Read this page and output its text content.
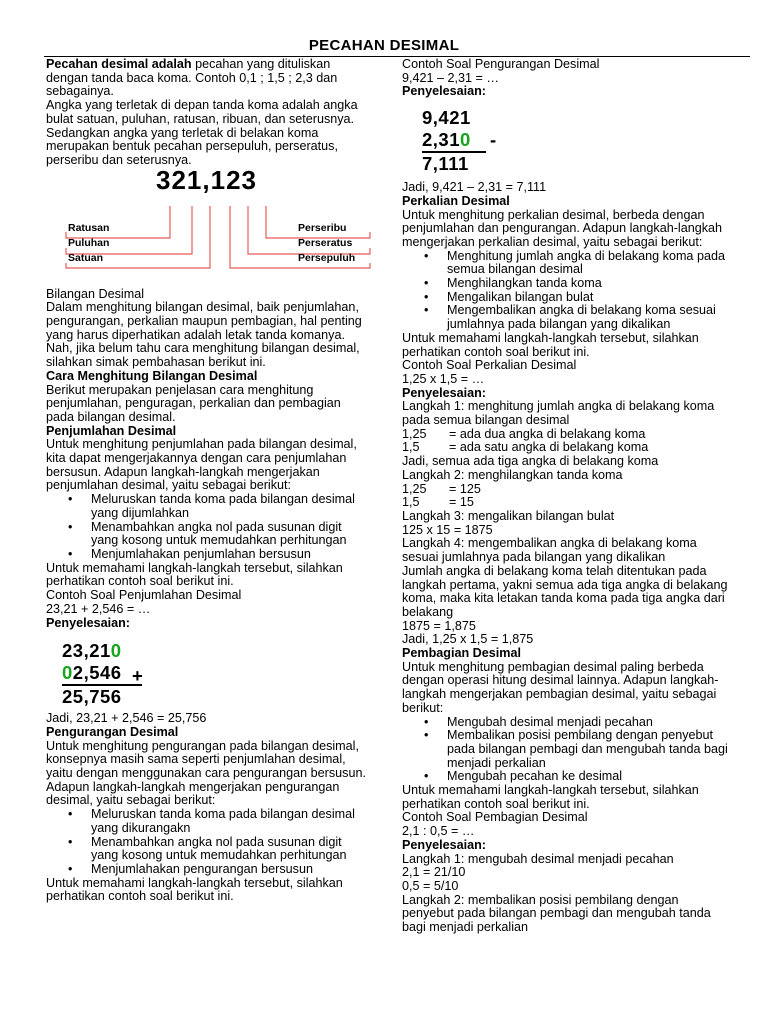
PECAHAN DESIMAL

Pecahan desimal adalah pecahan yang dituliskan dengan tanda baca koma. Contoh 0,1 ; 1,5 ; 2,3 dan sebagainya.

Angka yang terletak di depan tanda koma adalah angka bulat satuan, puluhan, ratusan, ribuan, dan seterusnya. Sedangkan angka yang terletak di belakan koma merupakan bentuk pecahan persepuluh, perseratus, perseribu dan seterusnya.

321,123
Ratusan
Puluhan
Satuan
Perseribu
Perseratus
Persepuluh

Bilangan Desimal

Dalam menghitung bilangan desimal, baik penjumlahan, pengurangan, perkalian maupun pembagian, hal penting yang harus diperhatikan adalah letak tanda komanya. Nah, jika belum tahu cara menghitung bilangan desimal, silahkan simak pembahasan berikut ini.

Cara Menghitung Bilangan Desimal

Berikut merupakan penjelasan cara menghitung penjumlahan, penguragan, perkalian dan pembagian pada bilangan desimal.

Penjumlahan Desimal

Untuk menghitung penjumlahan pada bilangan desimal, kita dapat mengerjakannya dengan cara penjumlahan bersusun. Adapun langkah-langkah mengerjakan penjumlahan desimal, yaitu sebagai berikut:

• Meluruskan tanda koma pada bilangan desimal yang dijumlahkan
• Menambahkan angka nol pada susunan digit yang kosong untuk memudahkan perhitungan
• Menjumlahakan penjumlahan bersusun

Untuk memahami langkah-langkah tersebut, silahkan perhatikan contoh soal berikut ini.

Contoh Soal Penjumlahan Desimal

23,21 + 2,546 = …

Penyelesaian:

23,210
02,546 +
25,756

Jadi, 23,21 + 2,546 = 25,756

Pengurangan Desimal

Untuk menghitung pengurangan pada bilangan desimal, konsepnya masih sama seperti penjumlahan desimal, yaitu dengan menggunakan cara pengurangan bersusun. Adapun langkah-langkah mengerjakan pengurangan desimal, yaitu sebagai berikut:

• Meluruskan tanda koma pada bilangan desimal yang dikurangakn
• Menambahkan angka nol pada susunan digit yang kosong untuk memudahkan perhitungan
• Menjumlahakan pengurangan bersusun

Untuk memahami langkah-langkah tersebut, silahkan perhatikan contoh soal berikut ini.

Contoh Soal Pengurangan Desimal

9,421 – 2,31 = …

Penyelesaian:

9,421
2,310	-
7,111

Jadi, 9,421 – 2,31 = 7,111

Perkalian Desimal

Untuk menghitung perkalian desimal, berbeda dengan penjumlahan dan pengurangan. Adapun langkah-langkah mengerjakan perkalian desimal, yaitu sebagai berikut:

• Menghitung jumlah angka di belakang koma pada semua bilangan desimal
• Menghilangkan tanda koma
• Mengalikan bilangan bulat
• Mengembalikan angka di belakang koma sesuai jumlahnya pada bilangan yang dikalikan

Untuk memahami langkah-langkah tersebut, silahkan perhatikan contoh soal berikut ini.

Contoh Soal Perkalian Desimal

1,25 x 1,5 = …

Penyelesaian:

Langkah 1: menghitung jumlah angka di belakang koma pada semua bilangan desimal

1,25 = ada dua angka di belakang koma

1,5 = ada satu angka di belakang koma

Jadi, semua ada tiga angka di belakang koma

Langkah 2: menghilangkan tanda koma

1,25 = 125

1,5 = 15

Langkah 3: mengalikan bilangan bulat

125 x 15 = 1875

Langkah 4: mengembalikan angka di belakang koma sesuai jumlahnya pada bilangan yang dikalikan

Jumlah angka di belakang koma telah ditentukan pada langkah pertama, yakni semua ada tiga angka di belakang koma, maka kita letakan tanda koma pada tiga angka dari belakang

1875 = 1,875

Jadi, 1,25 x 1,5 = 1,875

Pembagian Desimal

Untuk menghitung pembagian desimal paling berbeda dengan operasi hitung desimal lainnya. Adapun langkah-langkah mengerjakan pembagian desimal, yaitu sebagai berikut:

• Mengubah desimal menjadi pecahan
• Membalikan posisi pembilang dengan penyebut pada bilangan pembagi dan mengubah tanda bagi menjadi perkalian
• Mengubah pecahan ke desimal

Untuk memahami langkah-langkah tersebut, silahkan perhatikan contoh soal berikut ini.

Contoh Soal Pembagian Desimal

2,1 : 0,5 = …

Penyelesaian:

Langkah 1: mengubah desimal menjadi pecahan

2,1 = 21/10

0,5 = 5/10

Langkah 2: membalikan posisi pembilang dengan penyebut pada bilangan pembagi dan mengubah tanda bagi menjadi perkalian
